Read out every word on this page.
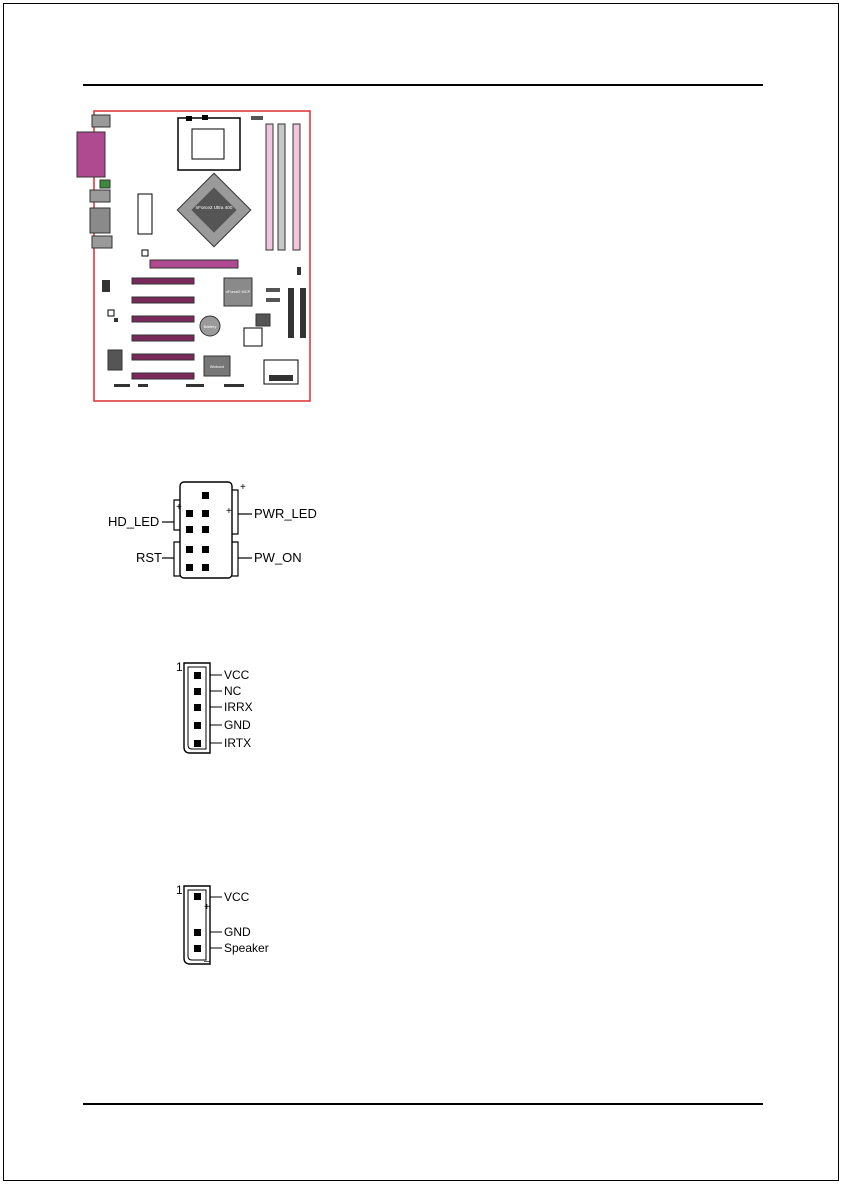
nForce2 Ultra 400
nForce2 MCP
Battery
Winbond
+
+
+
HD_LED
RST
PWR_LED
PW_ON
1
VCC
NC
IRRX
GND
IRTX
1
+
–
VCC
GND
Speaker
